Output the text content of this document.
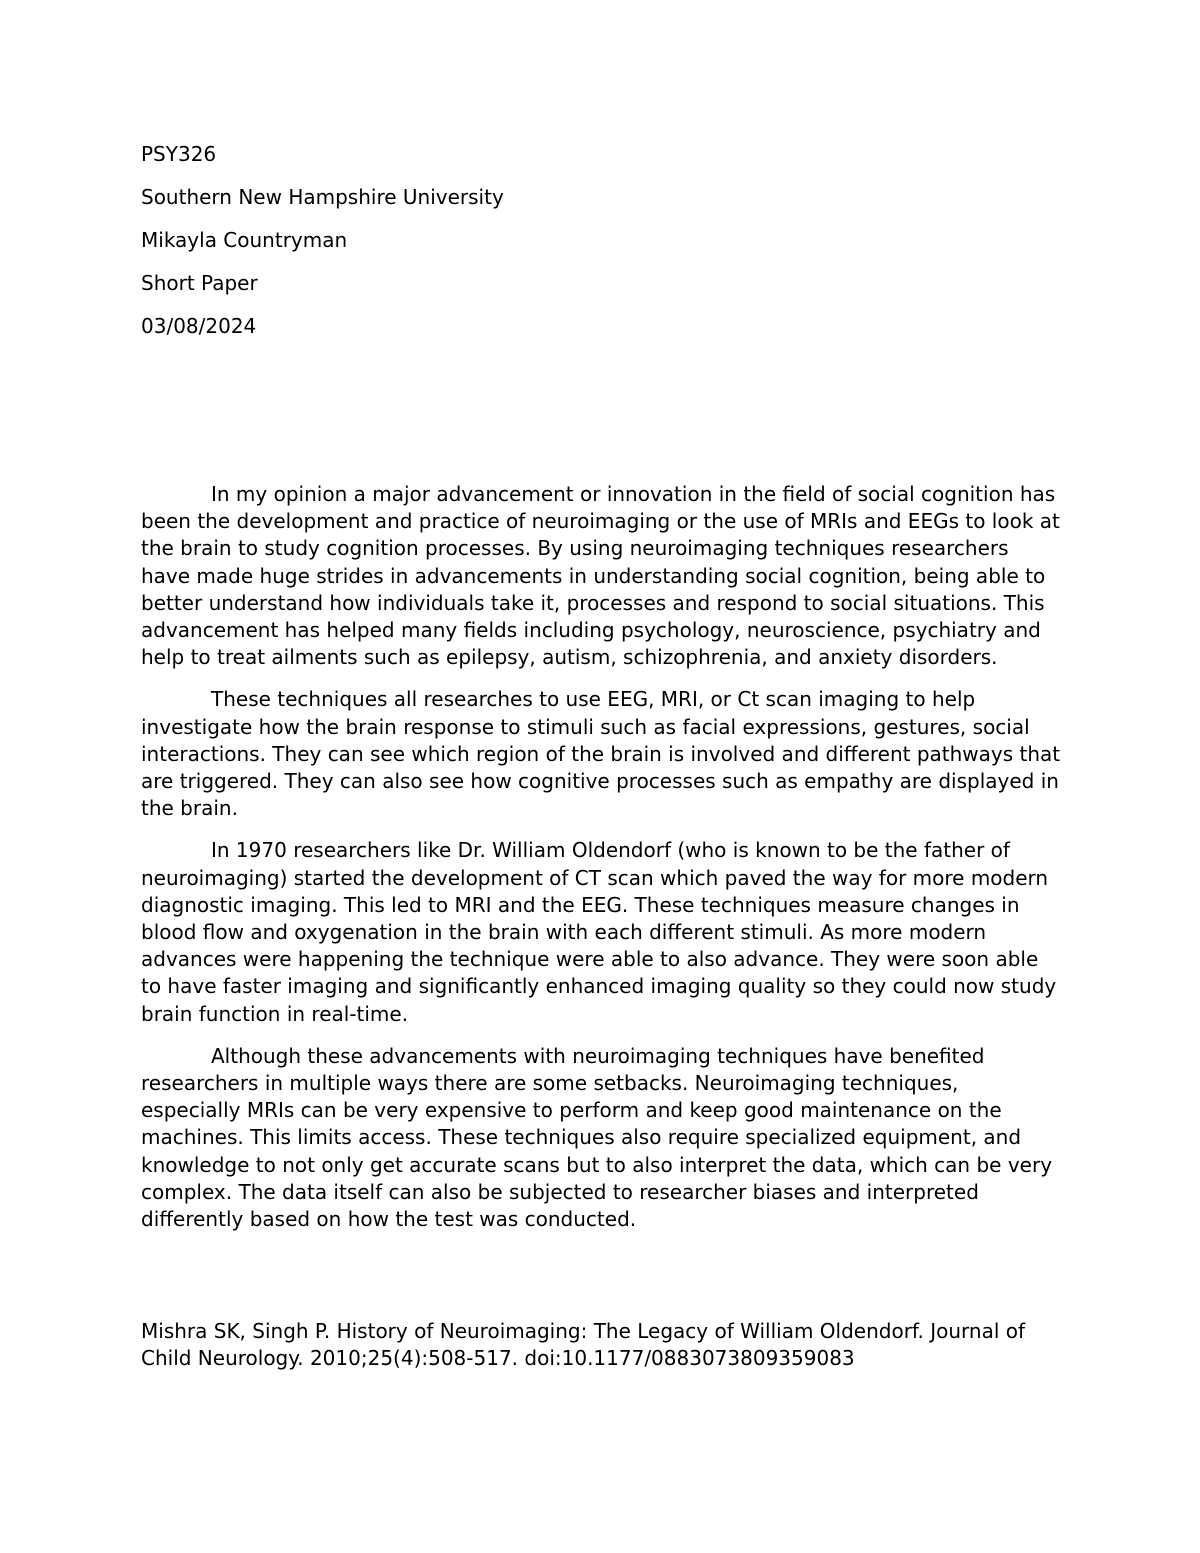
PSY326

Southern New Hampshire University

Mikayla Countryman

Short Paper

03/08/2024

In my opinion a major advancement or innovation in the field of social cognition has been the development and practice of neuroimaging or the use of MRIs and EEGs to look at the brain to study cognition processes. By using neuroimaging techniques researchers have made huge strides in advancements in understanding social cognition, being able to better understand how individuals take it, processes and respond to social situations. This advancement has helped many fields including psychology, neuroscience, psychiatry and help to treat ailments such as epilepsy, autism, schizophrenia, and anxiety disorders.

These techniques all researches to use EEG, MRI, or Ct scan imaging to help investigate how the brain response to stimuli such as facial expressions, gestures, social interactions. They can see which region of the brain is involved and different pathways that are triggered. They can also see how cognitive processes such as empathy are displayed in the brain.

In 1970 researchers like Dr. William Oldendorf (who is known to be the father of neuroimaging) started the development of CT scan which paved the way for more modern diagnostic imaging. This led to MRI and the EEG. These techniques measure changes in blood flow and oxygenation in the brain with each different stimuli. As more modern advances were happening the technique were able to also advance. They were soon able to have faster imaging and significantly enhanced imaging quality so they could now study brain function in real-time.

Although these advancements with neuroimaging techniques have benefited researchers in multiple ways there are some setbacks. Neuroimaging techniques, especially MRIs can be very expensive to perform and keep good maintenance on the machines. This limits access. These techniques also require specialized equipment, and knowledge to not only get accurate scans but to also interpret the data, which can be very complex. The data itself can also be subjected to researcher biases and interpreted differently based on how the test was conducted.

Mishra SK, Singh P. History of Neuroimaging: The Legacy of William Oldendorf. Journal of Child Neurology. 2010;25(4):508-517. doi:10.1177/0883073809359083
